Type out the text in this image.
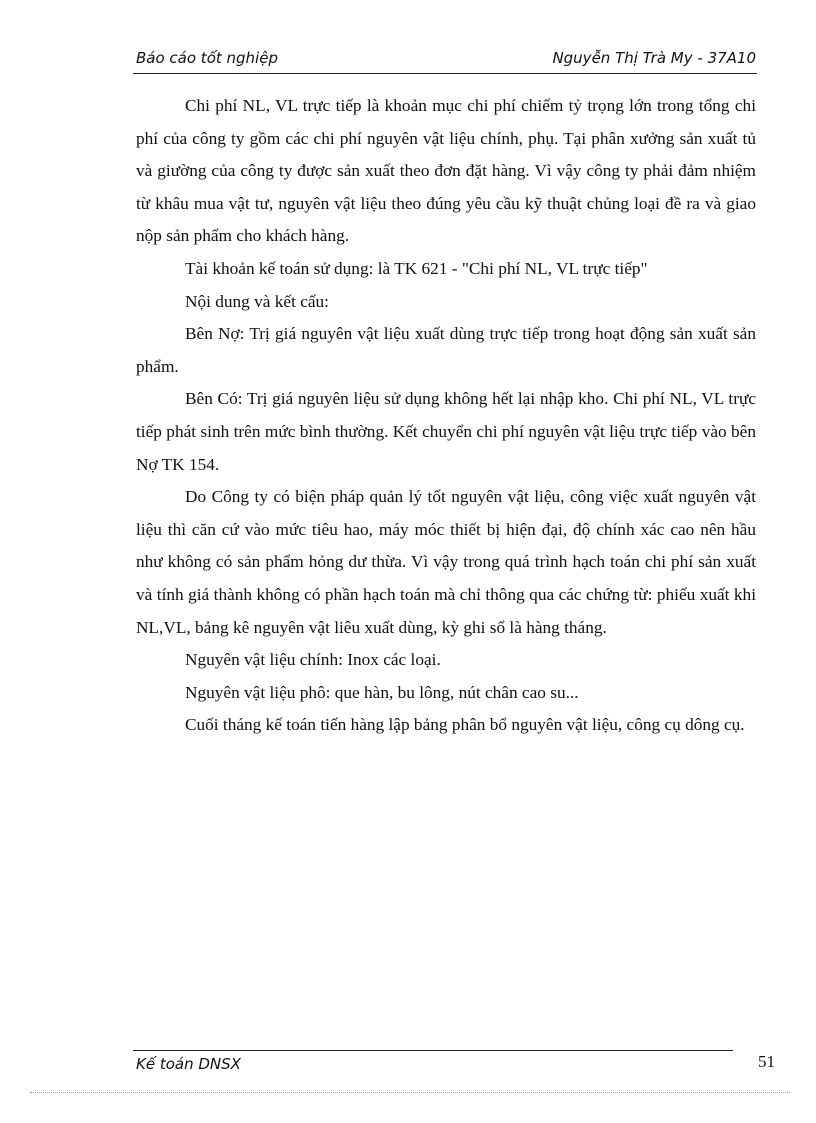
Báo cáo tốt nghiệp	Nguyễn Thị Trà My - 37A10

Chi phí NL, VL trực tiếp là khoản mục chi phí chiếm tỷ trọng lớn trong tổng chi phí của công ty gồm các chi phí nguyên vật liệu chính, phụ. Tại phân xưởng sản xuất tủ và giường của công ty được sản xuất theo đơn đặt hàng. Vì vậy công ty phải đảm nhiệm từ khâu mua vật tư, nguyên vật liệu theo đúng yêu cầu kỹ thuật chủng loại đề ra và giao nộp sản phẩm cho khách hàng.

Tài khoản kế toán sử dụng: là TK 621 - "Chi phí NL, VL trực tiếp"

Nội dung và kết cấu:

Bên Nợ: Trị giá nguyên vật liệu xuất dùng trực tiếp trong hoạt động sản xuất sản phẩm.

Bên Có: Trị giá nguyên liệu sử dụng không hết lại nhập kho. Chi phí NL, VL trực tiếp phát sinh trên mức bình thường. Kết chuyển chi phí nguyên vật liệu trực tiếp vào bên Nợ TK 154.

Do Công ty có biện pháp quản lý tốt nguyên vật liệu, công việc xuất nguyên vật liệu thì căn cứ vào mức tiêu hao, máy móc thiết bị hiện đại, độ chính xác cao nên hầu như không có sản phẩm hỏng dư thừa. Vì vậy trong quá trình hạch toán chi phí sản xuất và tính giá thành không có phần hạch toán mà chỉ thông qua các chứng từ: phiếu xuất khi NL,VL, bảng kê nguyên vật liêu xuất dùng, kỳ ghi sổ là hàng tháng.

Nguyên vật liệu chính: Inox các loại.

Nguyên vật liệu phô: que hàn, bu lông, nút chân cao su...

Cuối tháng kế toán tiến hàng lập bảng phân bổ nguyên vật liệu, công cụ dông cụ.

Kế toán DNSX	51
